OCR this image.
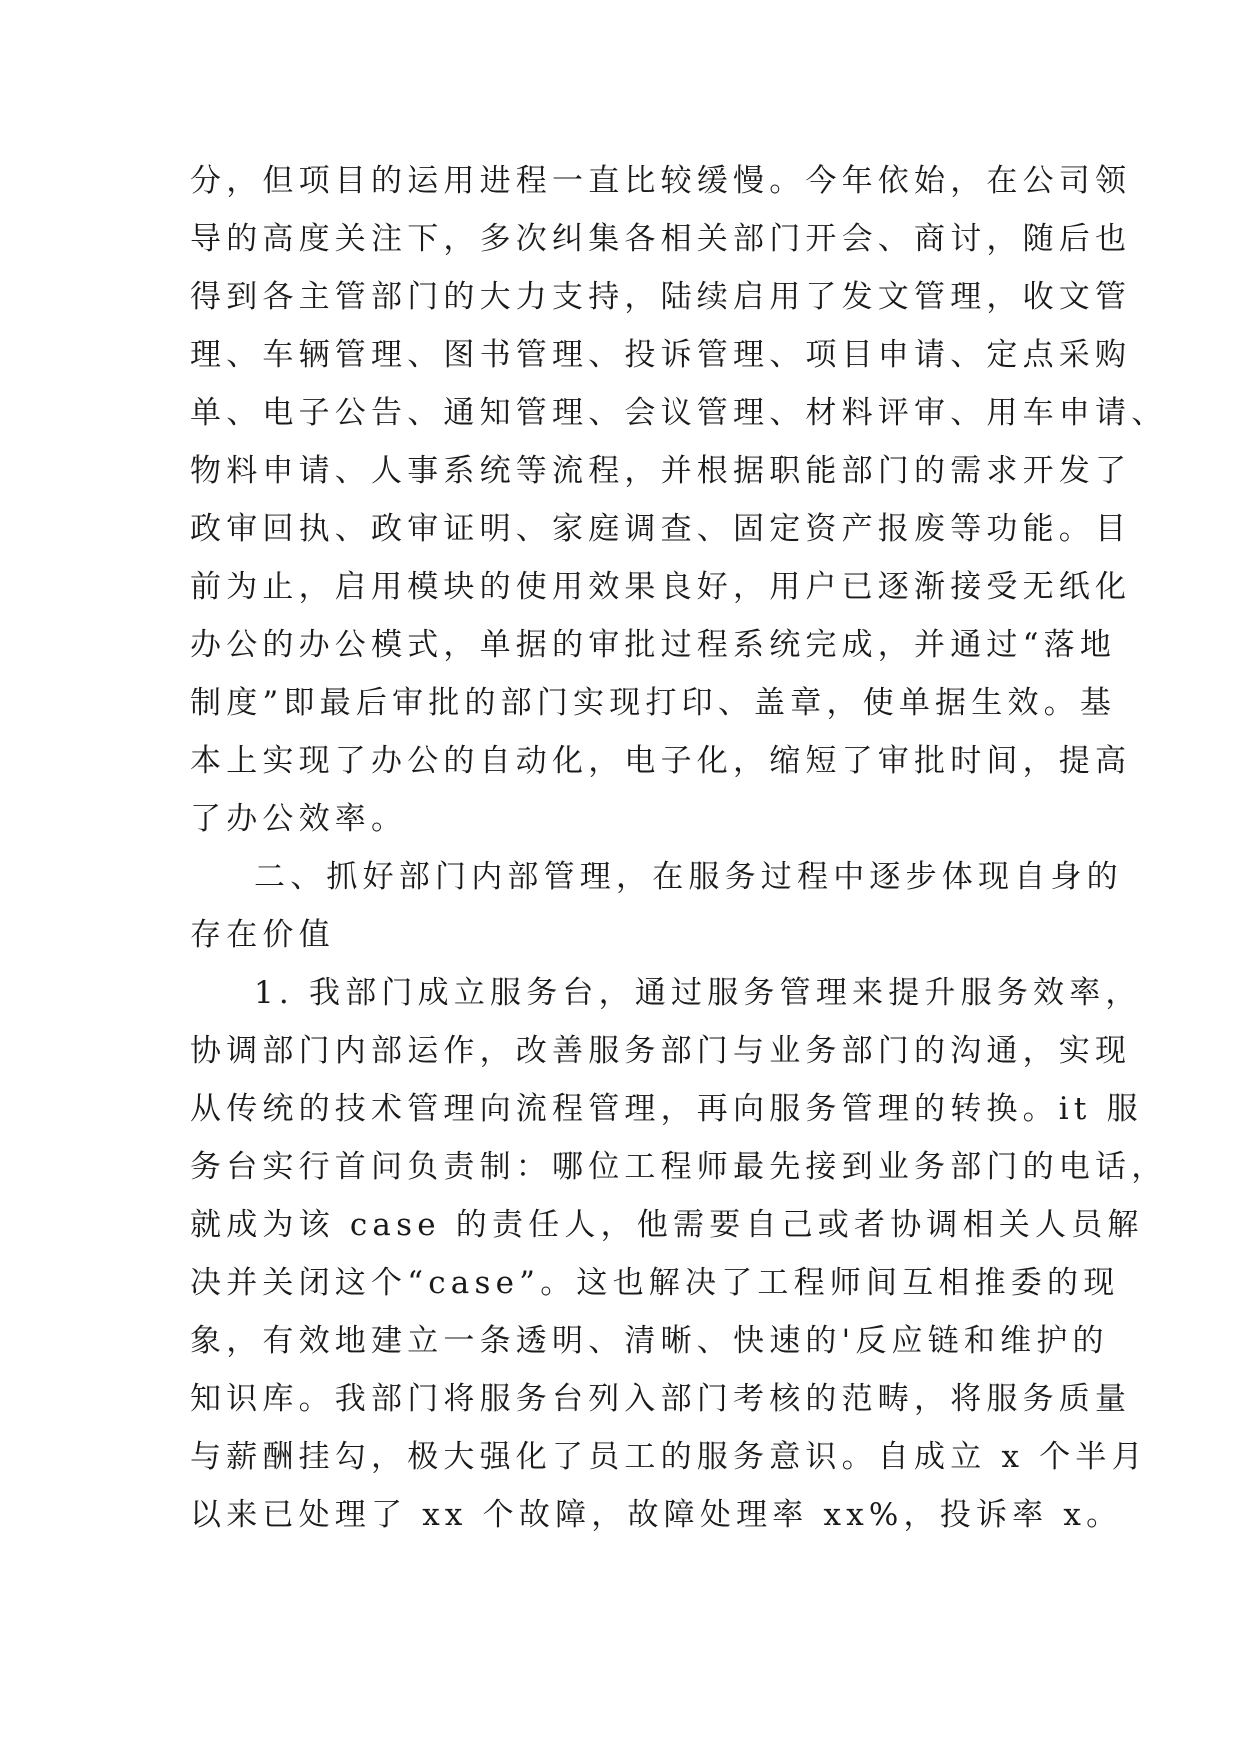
分，但项目的运用进程一直比较缓慢。今年依始，在公司领
导的高度关注下，多次纠集各相关部门开会、商讨，随后也
得到各主管部门的大力支持，陆续启用了发文管理，收文管
理、车辆管理、图书管理、投诉管理、项目申请、定点采购
单、电子公告、通知管理、会议管理、材料评审、用车申请、
物料申请、人事系统等流程，并根据职能部门的需求开发了
政审回执、政审证明、家庭调查、固定资产报废等功能。目
前为止，启用模块的使用效果良好，用户已逐渐接受无纸化
办公的办公模式，单据的审批过程系统完成，并通过“落地
制度”即最后审批的部门实现打印、盖章，使单据生效。基
本上实现了办公的自动化，电子化，缩短了审批时间，提高
了办公效率。
二、抓好部门内部管理，在服务过程中逐步体现自身的
存在价值
1. 我部门成立服务台，通过服务管理来提升服务效率，
协调部门内部运作，改善服务部门与业务部门的沟通，实现
从传统的技术管理向流程管理，再向服务管理的转换。it 服
务台实行首问负责制：哪位工程师最先接到业务部门的电话，
就成为该 case 的责任人，他需要自己或者协调相关人员解
决并关闭这个“case”。这也解决了工程师间互相推委的现
象，有效地建立一条透明、清晰、快速的'反应链和维护的
知识库。我部门将服务台列入部门考核的范畴，将服务质量
与薪酬挂勾，极大强化了员工的服务意识。自成立 x 个半月
以来已处理了 xx 个故障，故障处理率 xx%，投诉率 x。
